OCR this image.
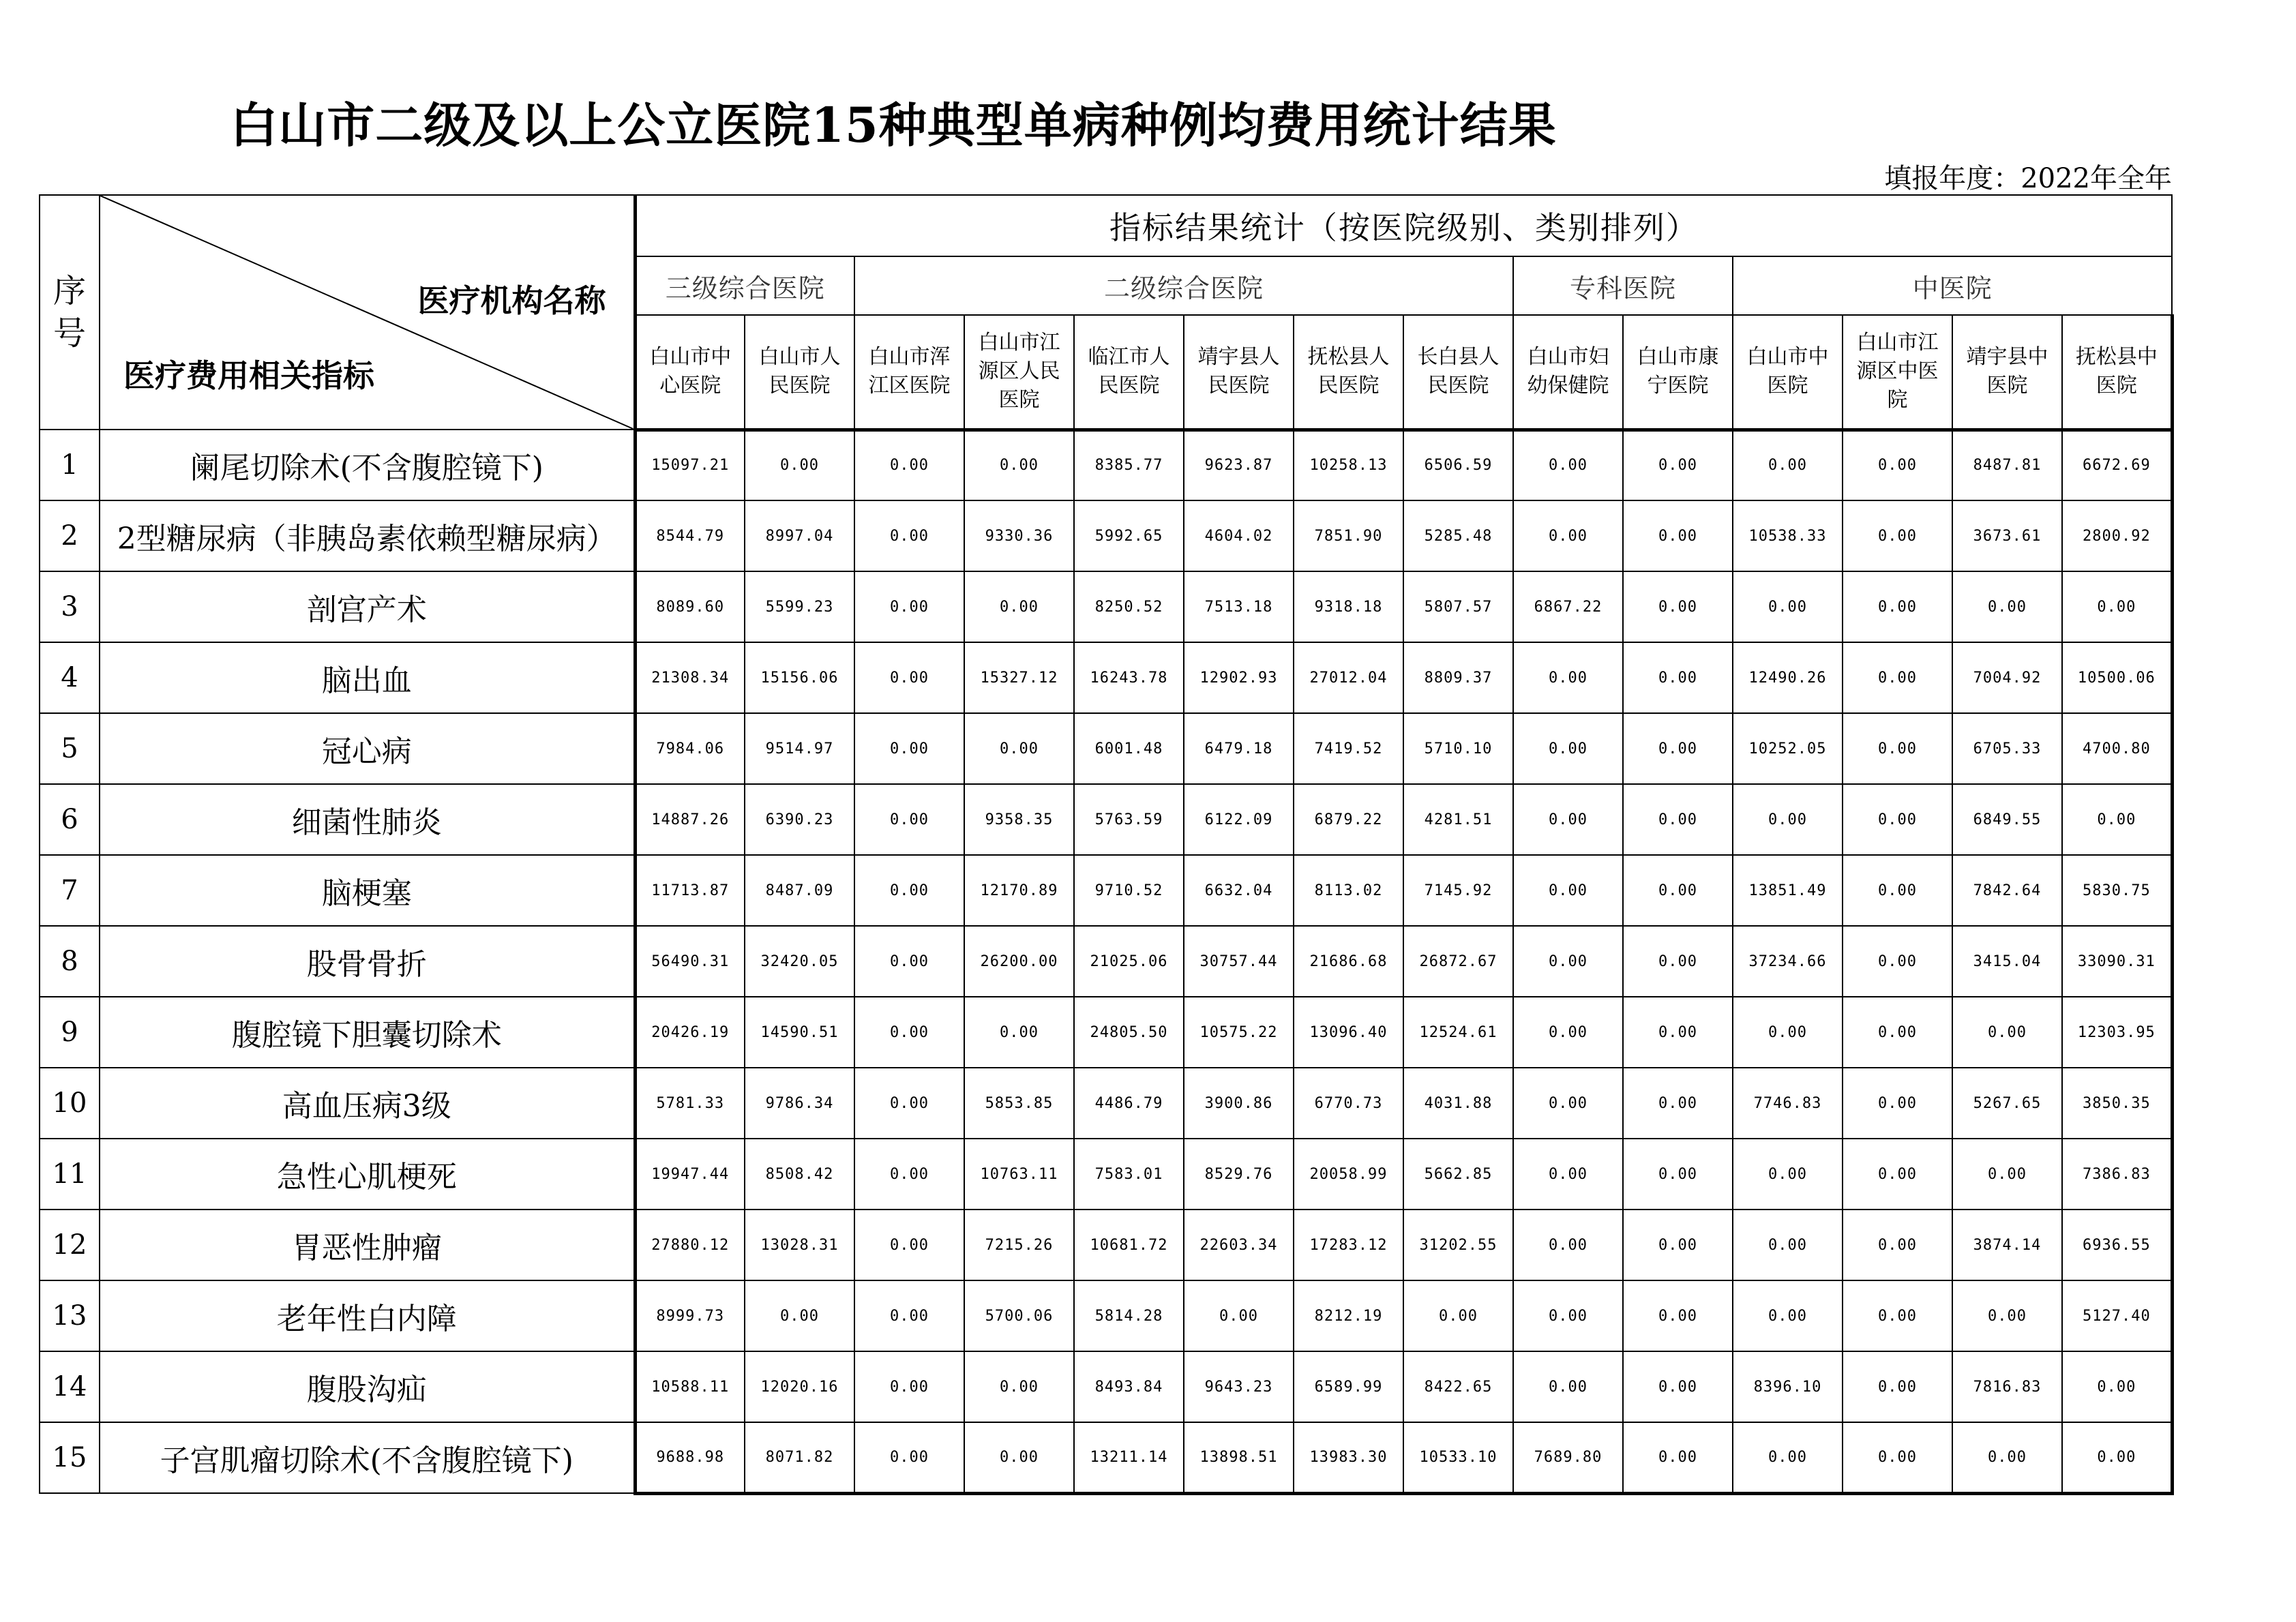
白山市二级及以上公立医院15种典型单病种例均费用统计结果
填报年度：2022年全年
序号	医疗机构名称
医疗费用相关指标	指标结果统计（按医院级别、类别排列）													
		三级综合医院		二级综合医院						专科医院		中医院			
		白山市中心医院	白山市人民医院	白山市浑江区医院	白山市江源区人民医院	临江市人民医院	靖宇县人民医院	抚松县人民医院	长白县人民医院	白山市妇幼保健院	白山市康宁医院	白山市中医院	白山市江源区中医院	靖宇县中医院	抚松县中医院
1	阑尾切除术(不含腹腔镜下)	15097.21	0.00	0.00	0.00	8385.77	9623.87	10258.13	6506.59	0.00	0.00	0.00	0.00	8487.81	6672.69
2	2型糖尿病（非胰岛素依赖型糖尿病）	8544.79	8997.04	0.00	9330.36	5992.65	4604.02	7851.90	5285.48	0.00	0.00	10538.33	0.00	3673.61	2800.92
3	剖宫产术	8089.60	5599.23	0.00	0.00	8250.52	7513.18	9318.18	5807.57	6867.22	0.00	0.00	0.00	0.00	0.00
4	脑出血	21308.34	15156.06	0.00	15327.12	16243.78	12902.93	27012.04	8809.37	0.00	0.00	12490.26	0.00	7004.92	10500.06
5	冠心病	7984.06	9514.97	0.00	0.00	6001.48	6479.18	7419.52	5710.10	0.00	0.00	10252.05	0.00	6705.33	4700.80
6	细菌性肺炎	14887.26	6390.23	0.00	9358.35	5763.59	6122.09	6879.22	4281.51	0.00	0.00	0.00	0.00	6849.55	0.00
7	脑梗塞	11713.87	8487.09	0.00	12170.89	9710.52	6632.04	8113.02	7145.92	0.00	0.00	13851.49	0.00	7842.64	5830.75
8	股骨骨折	56490.31	32420.05	0.00	26200.00	21025.06	30757.44	21686.68	26872.67	0.00	0.00	37234.66	0.00	3415.04	33090.31
9	腹腔镜下胆囊切除术	20426.19	14590.51	0.00	0.00	24805.50	10575.22	13096.40	12524.61	0.00	0.00	0.00	0.00	0.00	12303.95
10	高血压病3级	5781.33	9786.34	0.00	5853.85	4486.79	3900.86	6770.73	4031.88	0.00	0.00	7746.83	0.00	5267.65	3850.35
11	急性心肌梗死	19947.44	8508.42	0.00	10763.11	7583.01	8529.76	20058.99	5662.85	0.00	0.00	0.00	0.00	0.00	7386.83
12	胃恶性肿瘤	27880.12	13028.31	0.00	7215.26	10681.72	22603.34	17283.12	31202.55	0.00	0.00	0.00	0.00	3874.14	6936.55
13	老年性白内障	8999.73	0.00	0.00	5700.06	5814.28	0.00	8212.19	0.00	0.00	0.00	0.00	0.00	0.00	5127.40
14	腹股沟疝	10588.11	12020.16	0.00	0.00	8493.84	9643.23	6589.99	8422.65	0.00	0.00	8396.10	0.00	7816.83	0.00
15	子宫肌瘤切除术(不含腹腔镜下)	9688.98	8071.82	0.00	0.00	13211.14	13898.51	13983.30	10533.10	7689.80	0.00	0.00	0.00	0.00	0.00
